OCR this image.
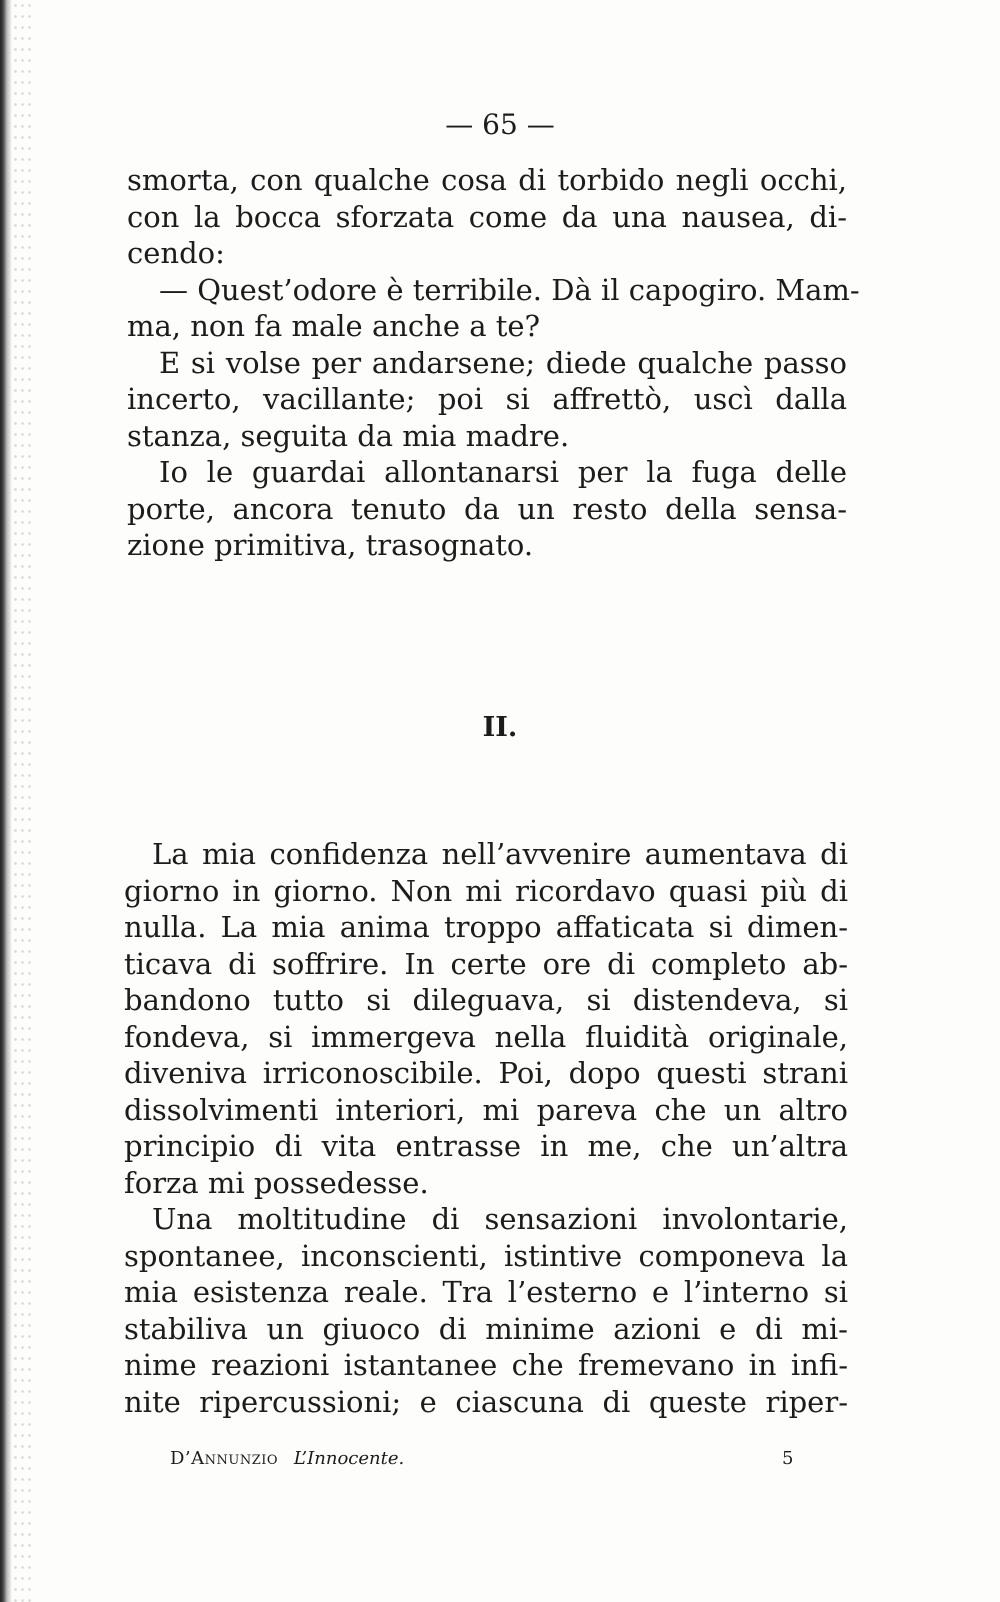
— 65 —

smorta, con qualche cosa di torbido negli occhi,
con la bocca sforzata come da una nausea, di-
cendo:
— Quest’odore è terribile. Dà il capogiro. Mam-
ma, non fa male anche a te?
E si volse per andarsene; diede qualche passo
incerto, vacillante; poi si affrettò, uscì dalla
stanza, seguita da mia madre.
Io le guardai allontanarsi per la fuga delle
porte, ancora tenuto da un resto della sensa-
zione primitiva, trasognato.

II.

La mia confidenza nell’avvenire aumentava di
giorno in giorno. Non mi ricordavo quasi più di
nulla. La mia anima troppo affaticata si dimen-
ticava di soffrire. In certe ore di completo ab-
bandono tutto si dileguava, si distendeva, si
fondeva, si immergeva nella fluidità originale,
diveniva irriconoscibile. Poi, dopo questi strani
dissolvimenti interiori, mi pareva che un altro
principio di vita entrasse in me, che un’altra
forza mi possedesse.
Una moltitudine di sensazioni involontarie,
spontanee, inconscienti, istintive componeva la
mia esistenza reale. Tra l’esterno e l’interno si
stabiliva un giuoco di minime azioni e di mi-
nime reazioni istantanee che fremevano in infi-
nite ripercussioni; e ciascuna di queste riper-

D’Annunzio L’Innocente.	5
